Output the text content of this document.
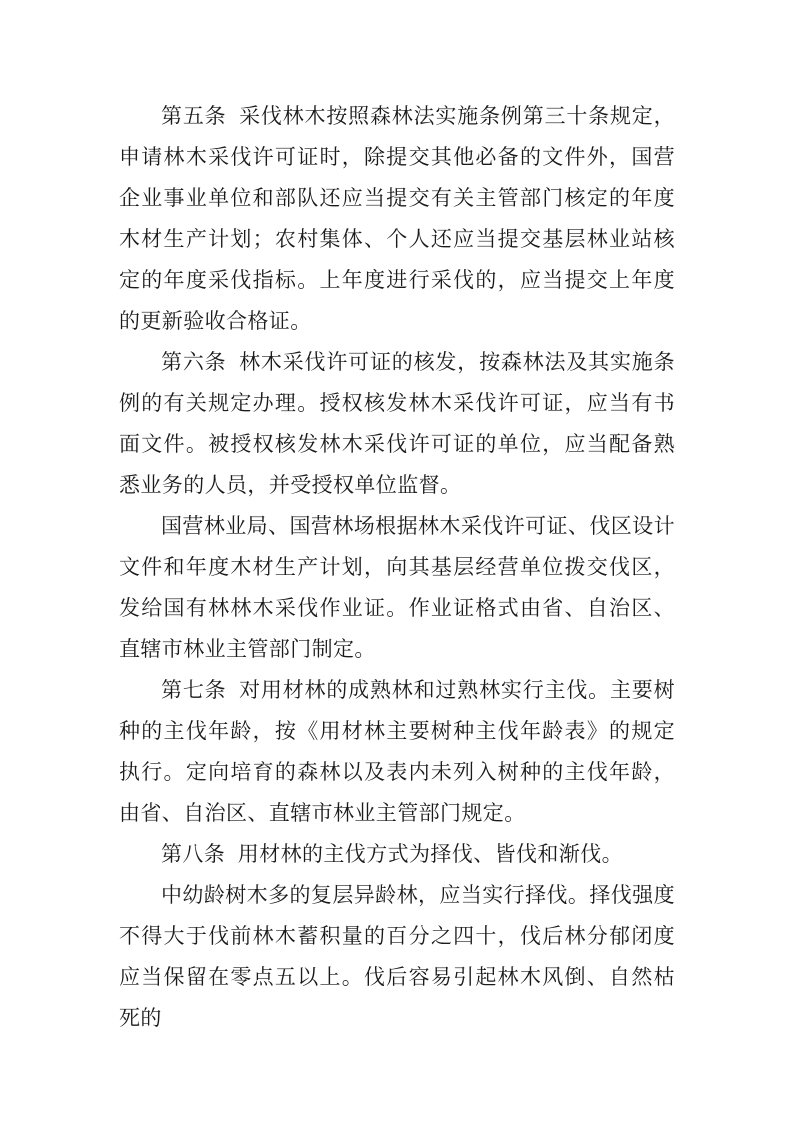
第五条 采伐林木按照森林法实施条例第三十条规定，申请林木采伐许可证时，除提交其他必备的文件外，国营企业事业单位和部队还应当提交有关主管部门核定的年度木材生产计划；农村集体、个人还应当提交基层林业站核定的年度采伐指标。上年度进行采伐的，应当提交上年度的更新验收合格证。

第六条 林木采伐许可证的核发，按森林法及其实施条例的有关规定办理。授权核发林木采伐许可证，应当有书面文件。被授权核发林木采伐许可证的单位，应当配备熟悉业务的人员，并受授权单位监督。

国营林业局、国营林场根据林木采伐许可证、伐区设计文件和年度木材生产计划，向其基层经营单位拨交伐区，发给国有林林木采伐作业证。作业证格式由省、自治区、直辖市林业主管部门制定。

第七条 对用材林的成熟林和过熟林实行主伐。主要树种的主伐年龄，按《用材林主要树种主伐年龄表》的规定执行。定向培育的森林以及表内未列入树种的主伐年龄，由省、自治区、直辖市林业主管部门规定。

第八条 用材林的主伐方式为择伐、皆伐和渐伐。

中幼龄树木多的复层异龄林，应当实行择伐。择伐强度不得大于伐前林木蓄积量的百分之四十，伐后林分郁闭度应当保留在零点五以上。伐后容易引起林木风倒、自然枯死的
